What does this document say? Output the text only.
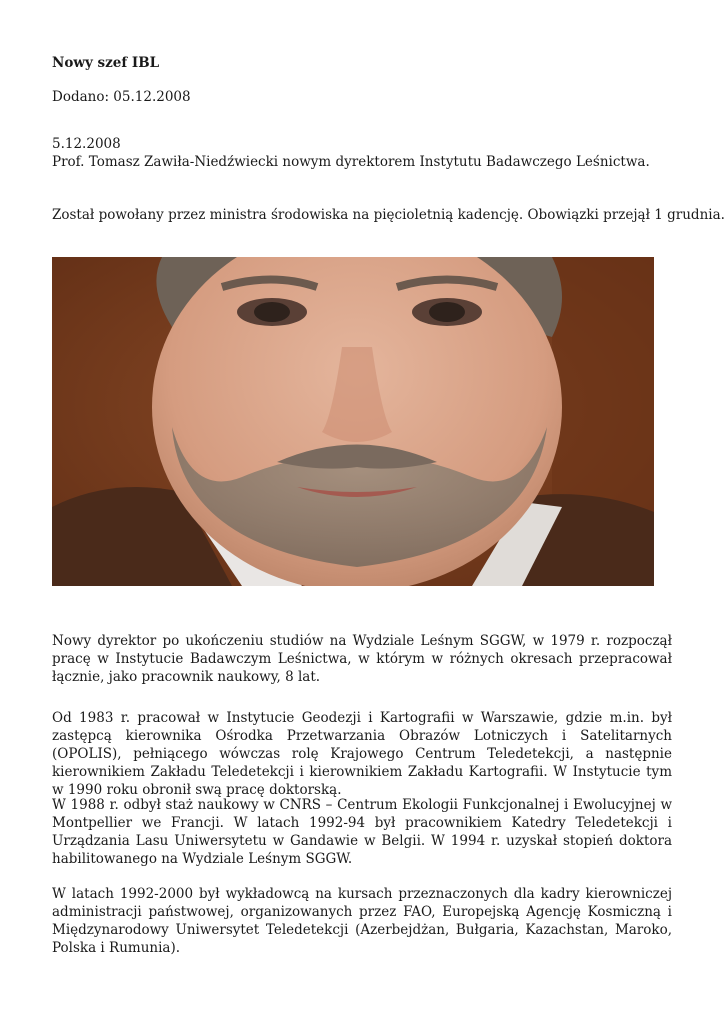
Nowy szef IBL

Dodano: 05.12.2008

5.12.2008

Prof. Tomasz Zawiła-Niedźwiecki nowym dyrektorem Instytutu Badawczego Leśnictwa.

Został powołany przez ministra środowiska na pięcioletnią kadencję. Obowiązki przejął 1 grudnia.

Nowy dyrektor po ukończeniu studiów na Wydziale Leśnym SGGW, w 1979 r. rozpoczął pracę w Instytucie Badawczym Leśnictwa, w którym w różnych okresach przepracował łącznie, jako pracownik naukowy, 8 lat.

Od 1983 r. pracował w Instytucie Geodezji i Kartografii w Warszawie, gdzie m.in. był zastępcą kierownika Ośrodka Przetwarzania Obrazów Lotniczych i Satelitarnych (OPOLIS), pełniącego wówczas rolę Krajowego Centrum Teledetekcji, a następnie kierownikiem Zakładu Teledetekcji i kierownikiem Zakładu Kartografii. W Instytucie tym w 1990 roku obronił swą pracę doktorską.

W 1988 r. odbył staż naukowy w CNRS – Centrum Ekologii Funkcjonalnej i Ewolucyjnej w Montpellier we Francji. W latach 1992-94 był pracownikiem Katedry Teledetekcji i Urządzania Lasu Uniwersytetu w Gandawie w Belgii. W 1994 r. uzyskał stopień doktora habilitowanego na Wydziale Leśnym SGGW.

W latach 1992-2000 był wykładowcą na kursach przeznaczonych dla kadry kierowniczej administracji państwowej, organizowanych przez FAO, Europejską Agencję Kosmiczną i Międzynarodowy Uniwersytet Teledetekcji (Azerbejdżan, Bułgaria, Kazachstan, Maroko, Polska i Rumunia).
